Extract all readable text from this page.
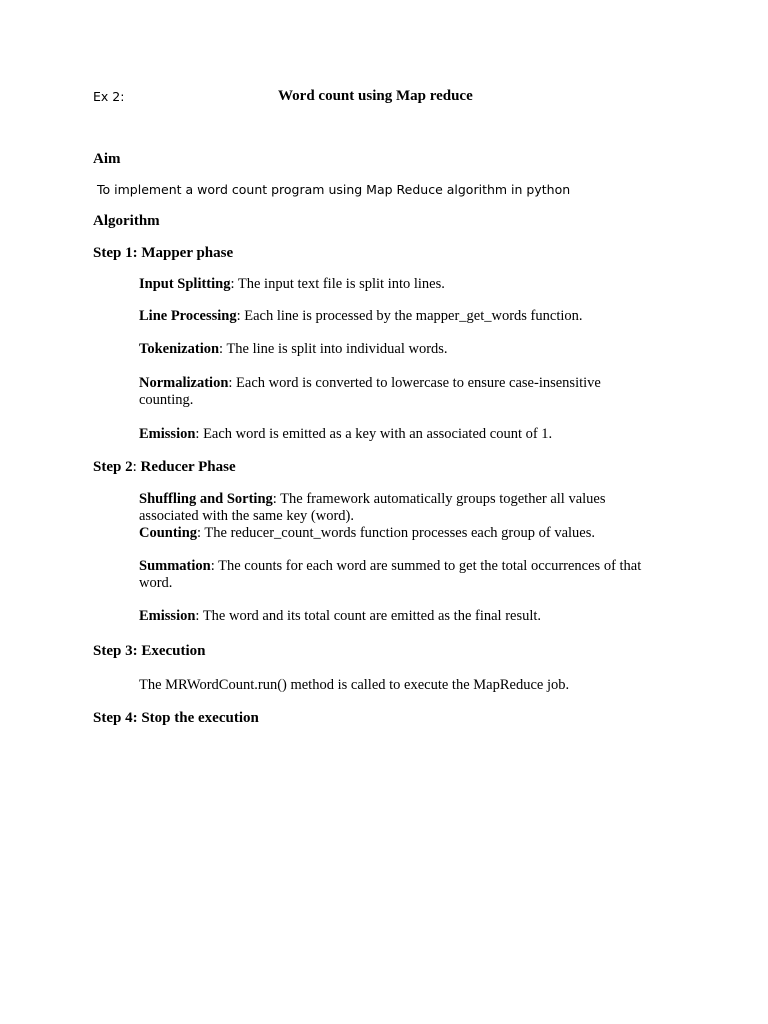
Ex 2:	Word count using Map reduce
Aim
To implement a word count program using Map Reduce algorithm in python
Algorithm
Step 1: Mapper phase
Input Splitting: The input text file is split into lines.
Line Processing: Each line is processed by the mapper_get_words function.
Tokenization: The line is split into individual words.
Normalization: Each word is converted to lowercase to ensure case-insensitive counting.
Emission: Each word is emitted as a key with an associated count of 1.
Step 2: Reducer Phase
Shuffling and Sorting: The framework automatically groups together all values associated with the same key (word).
Counting: The reducer_count_words function processes each group of values.
Summation: The counts for each word are summed to get the total occurrences of that word.
Emission: The word and its total count are emitted as the final result.
Step 3: Execution
The MRWordCount.run() method is called to execute the MapReduce job.
Step 4: Stop the execution
